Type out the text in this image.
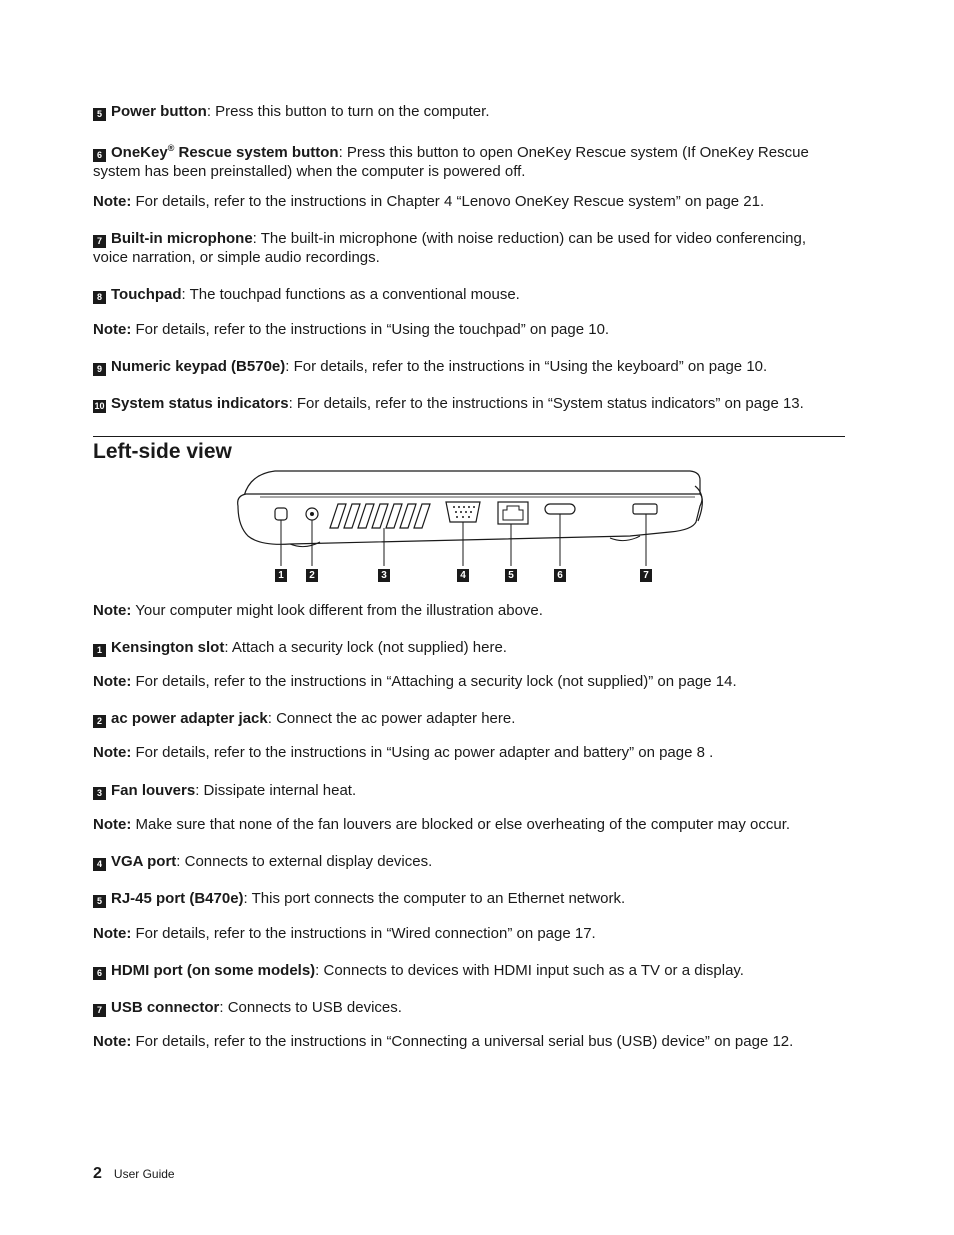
5 Power button: Press this button to turn on the computer.
6 OneKey® Rescue system button: Press this button to open OneKey Rescue system (If OneKey Rescue system has been preinstalled) when the computer is powered off.
Note: For details, refer to the instructions in Chapter 4 “Lenovo OneKey Rescue system” on page 21.
7 Built-in microphone: The built-in microphone (with noise reduction) can be used for video conferencing, voice narration, or simple audio recordings.
8 Touchpad: The touchpad functions as a conventional mouse.
Note: For details, refer to the instructions in “Using the touchpad” on page 10.
9 Numeric keypad (B570e): For details, refer to the instructions in “Using the keyboard” on page 10.
10 System status indicators: For details, refer to the instructions in “System status indicators” on page 13.
Left-side view
1	2	3	4	5	6	7
Note: Your computer might look different from the illustration above.
1 Kensington slot: Attach a security lock (not supplied) here.
Note: For details, refer to the instructions in “Attaching a security lock (not supplied)” on page 14.
2 ac power adapter jack: Connect the ac power adapter here.
Note: For details, refer to the instructions in “Using ac power adapter and battery” on page 8 .
3 Fan louvers: Dissipate internal heat.
Note: Make sure that none of the fan louvers are blocked or else overheating of the computer may occur.
4 VGA port: Connects to external display devices.
5 RJ-45 port (B470e): This port connects the computer to an Ethernet network.
Note: For details, refer to the instructions in “Wired connection” on page 17.
6 HDMI port (on some models): Connects to devices with HDMI input such as a TV or a display.
7 USB connector: Connects to USB devices.
Note: For details, refer to the instructions in “Connecting a universal serial bus (USB) device” on page 12.
2 User Guide
